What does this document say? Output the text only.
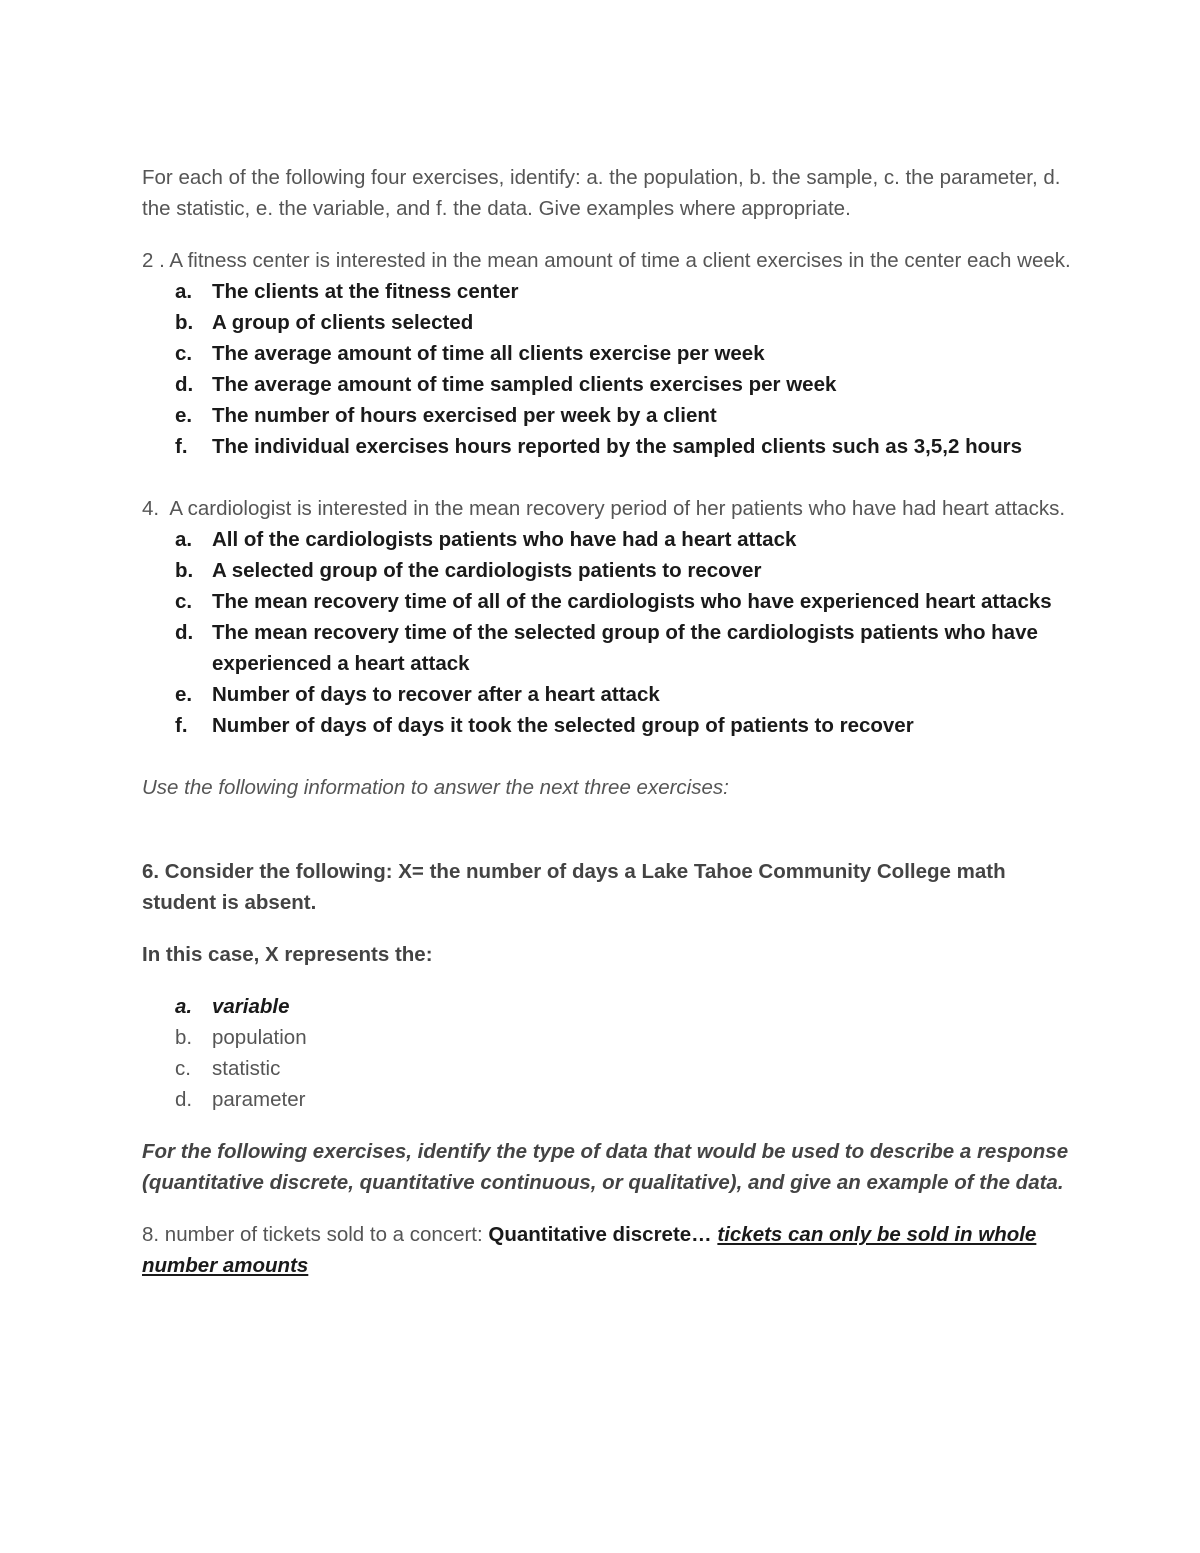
For each of the following four exercises, identify: a. the population, b. the sample, c. the parameter, d. the statistic, e. the variable, and f. the data. Give examples where appropriate.

2 . A fitness center is interested in the mean amount of time a client exercises in the center each week.

a. The clients at the fitness center
b. A group of clients selected
c. The average amount of time all clients exercise per week
d. The average amount of time sampled clients exercises per week
e. The number of hours exercised per week by a client
f. The individual exercises hours reported by the sampled clients such as 3,5,2 hours

4.  A cardiologist is interested in the mean recovery period of her patients who have had heart attacks.

a. All of the cardiologists patients who have had a heart attack
b. A selected group of the cardiologists patients to recover
c. The mean recovery time of all of the cardiologists who have experienced heart attacks
d. The mean recovery time of the selected group of the cardiologists patients who have experienced a heart attack
e. Number of days to recover after a heart attack
f. Number of days of days it took the selected group of patients to recover

Use the following information to answer the next three exercises:

6. Consider the following: X= the number of days a Lake Tahoe Community College math student is absent.

In this case, X represents the:

a. variable
b. population
c. statistic
d. parameter

For the following exercises, identify the type of data that would be used to describe a response (quantitative discrete, quantitative continuous, or qualitative), and give an example of the data.

8. number of tickets sold to a concert: Quantitative discrete… tickets can only be sold in whole number amounts
